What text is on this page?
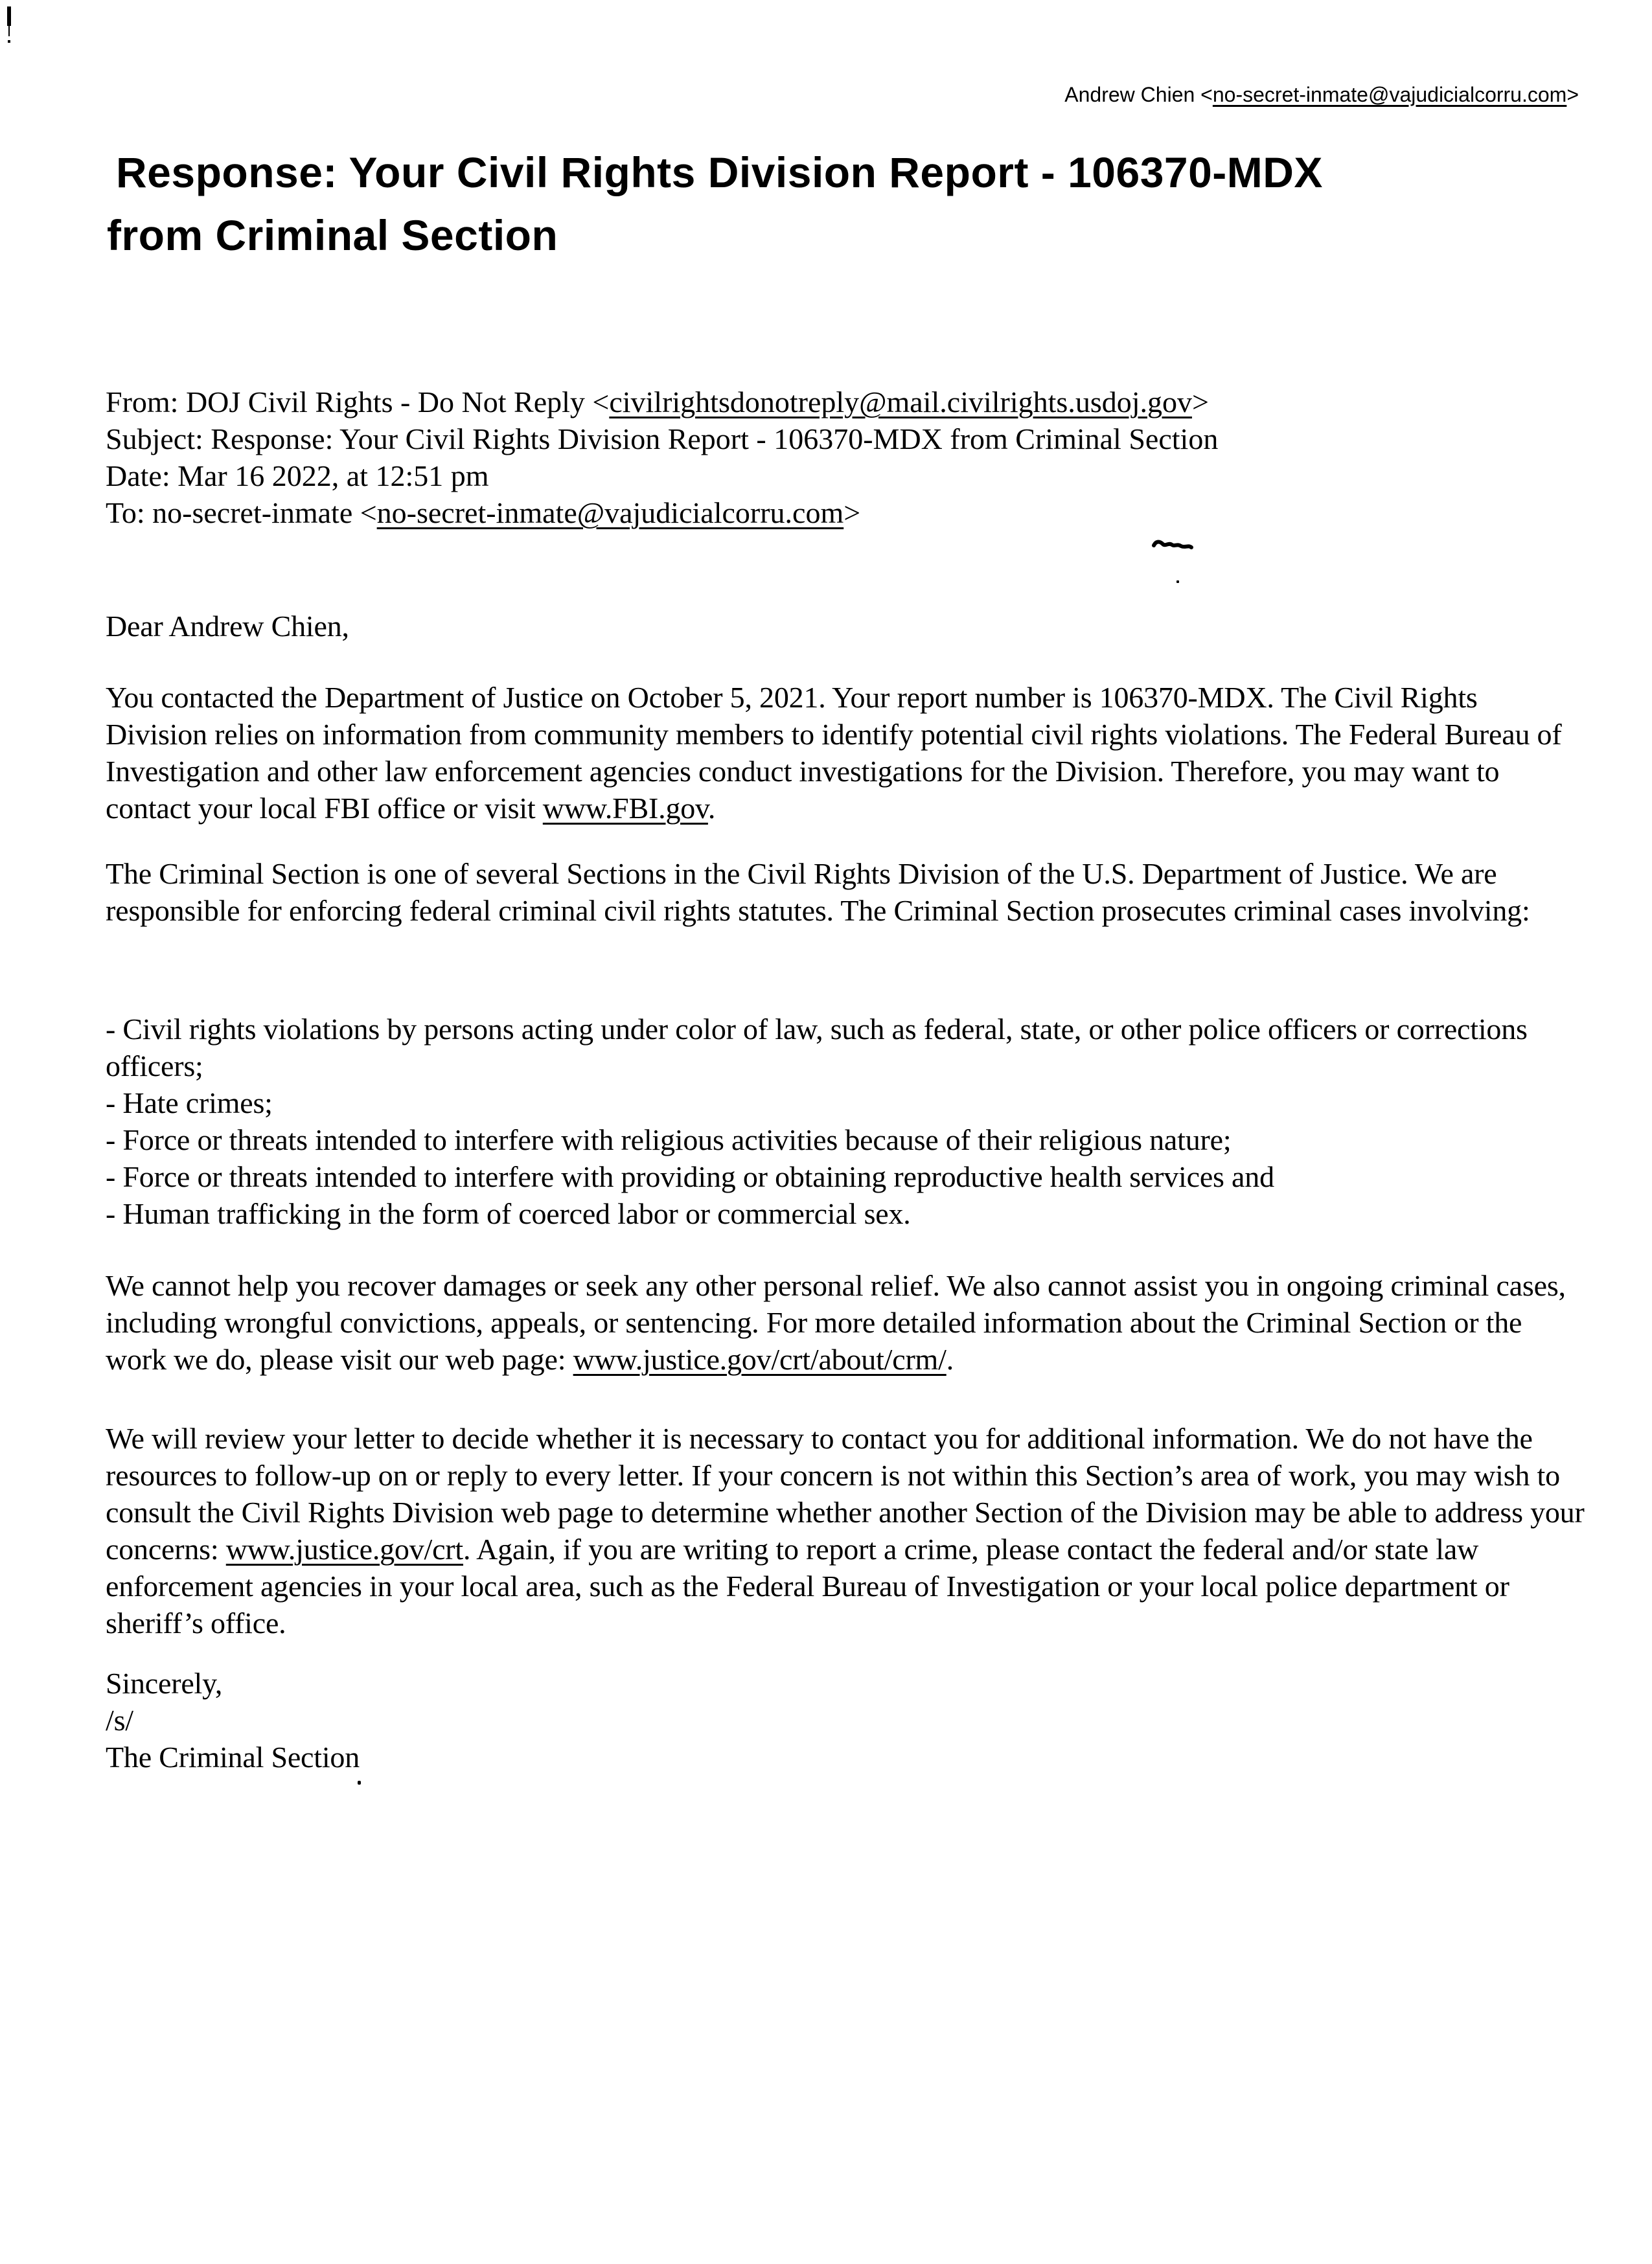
Andrew Chien <no-secret-inmate@vajudicialcorru.com>
Response: Your Civil Rights Division Report - 106370-MDX
from Criminal Section
From: DOJ Civil Rights - Do Not Reply <civilrightsdonotreply@mail.civilrights.usdoj.gov>
Subject: Response: Your Civil Rights Division Report - 106370-MDX from Criminal Section
Date: Mar 16 2022, at 12:51 pm
To: no-secret-inmate <no-secret-inmate@vajudicialcorru.com>
Dear Andrew Chien,
You contacted the Department of Justice on October 5, 2021. Your report number is 106370-MDX. The Civil Rights Division relies on information from community members to identify potential civil rights violations. The Federal Bureau of Investigation and other law enforcement agencies conduct investigations for the Division. Therefore, you may want to contact your local FBI office or visit www.FBI.gov.
The Criminal Section is one of several Sections in the Civil Rights Division of the U.S. Department of Justice. We are responsible for enforcing federal criminal civil rights statutes. The Criminal Section prosecutes criminal cases involving:
- Civil rights violations by persons acting under color of law, such as federal, state, or other police officers or corrections officers;
- Hate crimes;
- Force or threats intended to interfere with religious activities because of their religious nature;
- Force or threats intended to interfere with providing or obtaining reproductive health services and
- Human trafficking in the form of coerced labor or commercial sex.
We cannot help you recover damages or seek any other personal relief. We also cannot assist you in ongoing criminal cases, including wrongful convictions, appeals, or sentencing. For more detailed information about the Criminal Section or the work we do, please visit our web page: www.justice.gov/crt/about/crm/.
We will review your letter to decide whether it is necessary to contact you for additional information. We do not have the resources to follow-up on or reply to every letter. If your concern is not within this Section’s area of work, you may wish to consult the Civil Rights Division web page to determine whether another Section of the Division may be able to address your concerns: www.justice.gov/crt. Again, if you are writing to report a crime, please contact the federal and/or state law enforcement agencies in your local area, such as the Federal Bureau of Investigation or your local police department or sheriff’s office.
Sincerely,
/s/
The Criminal Section
